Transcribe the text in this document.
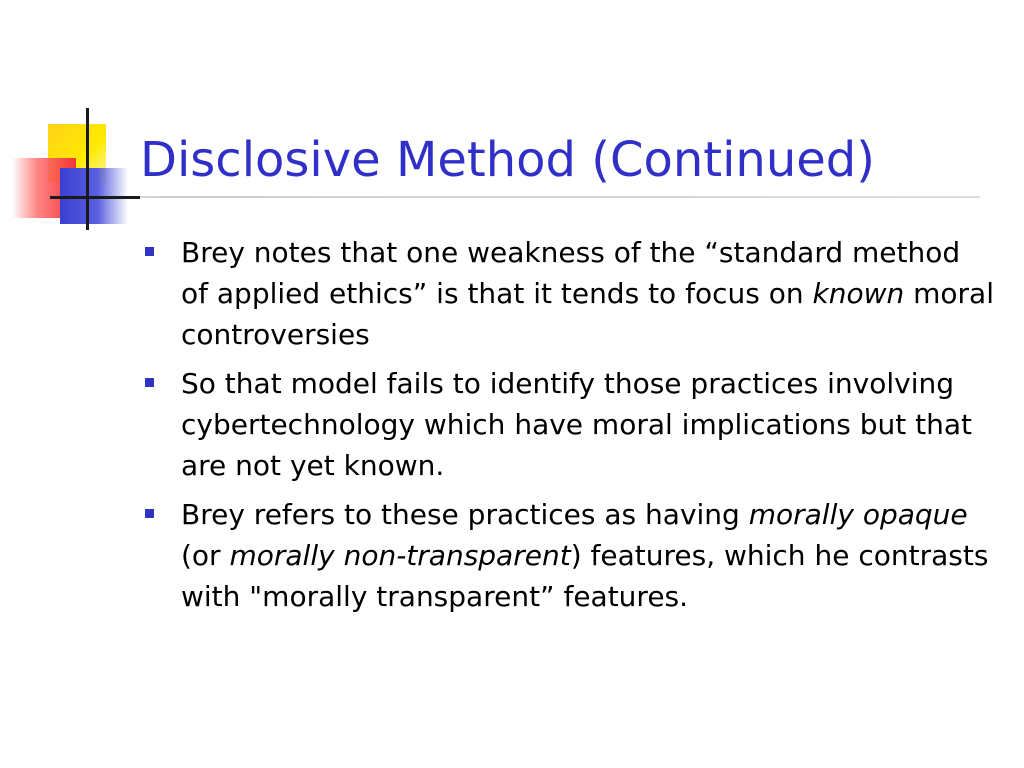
Disclosive Method (Continued)
Brey notes that one weakness of the “standard method of applied ethics” is that it tends to focus on known moral controversies
So that model fails to identify those practices involving cybertechnology which have moral implications but that are not yet known.
Brey refers to these practices as having morally opaque (or morally non-transparent) features, which he contrasts with "morally transparent” features.
